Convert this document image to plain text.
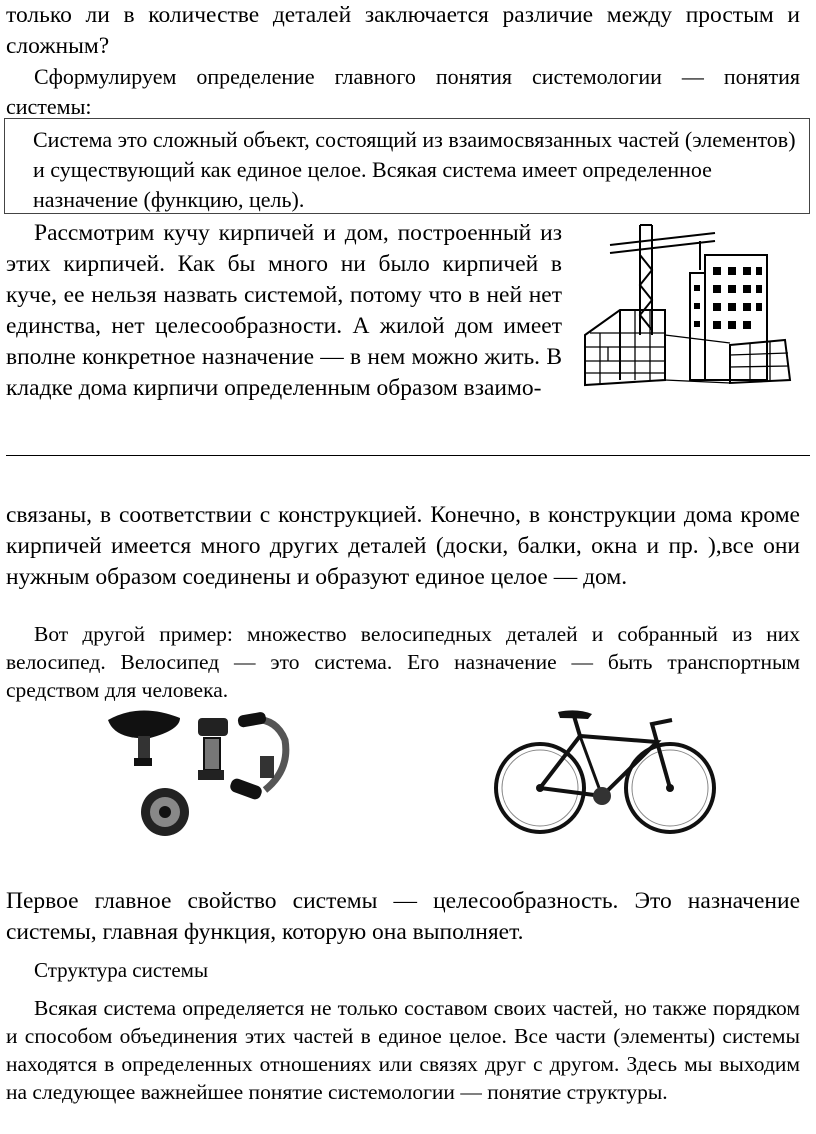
только ли в количестве деталей заключается различие между простым и сложным?

Сформулируем определение главного понятия системологии — понятия системы:

Система это сложный объект, состоящий из взаимосвязанных частей (элементов) и существующий как единое целое. Всякая система имеет определенное назначение (функцию, цель).

Рассмотрим кучу кирпичей и дом, построенный из этих кирпичей. Как бы много ни было кирпичей в куче, ее нельзя назвать системой, потому что в ней нет единства, нет целесообразности. А жилой дом имеет вполне конкретное назначение — в нем можно жить. В кладке дома кирпичи определенным образом взаимо-

связаны, в соответствии с конструкцией. Конечно, в конструкции дома кроме кирпичей имеется много других деталей (доски, балки, окна и пр. ),все они нужным образом соединены и образуют единое целое — дом.

Вот другой пример: множество велосипедных деталей и собранный из них велосипед. Велосипед — это система. Его назначение — быть транспортным средством для человека.

Первое главное свойство системы — целесообразность. Это назначение системы, главная функция, которую она выполняет.

Структура системы

Всякая система определяется не только составом своих частей, но также порядком и способом объединения этих частей в единое целое. Все части (элементы) системы находятся в определенных отношениях или связях друг с другом. Здесь мы выходим на следующее важнейшее понятие системологии — понятие структуры.
